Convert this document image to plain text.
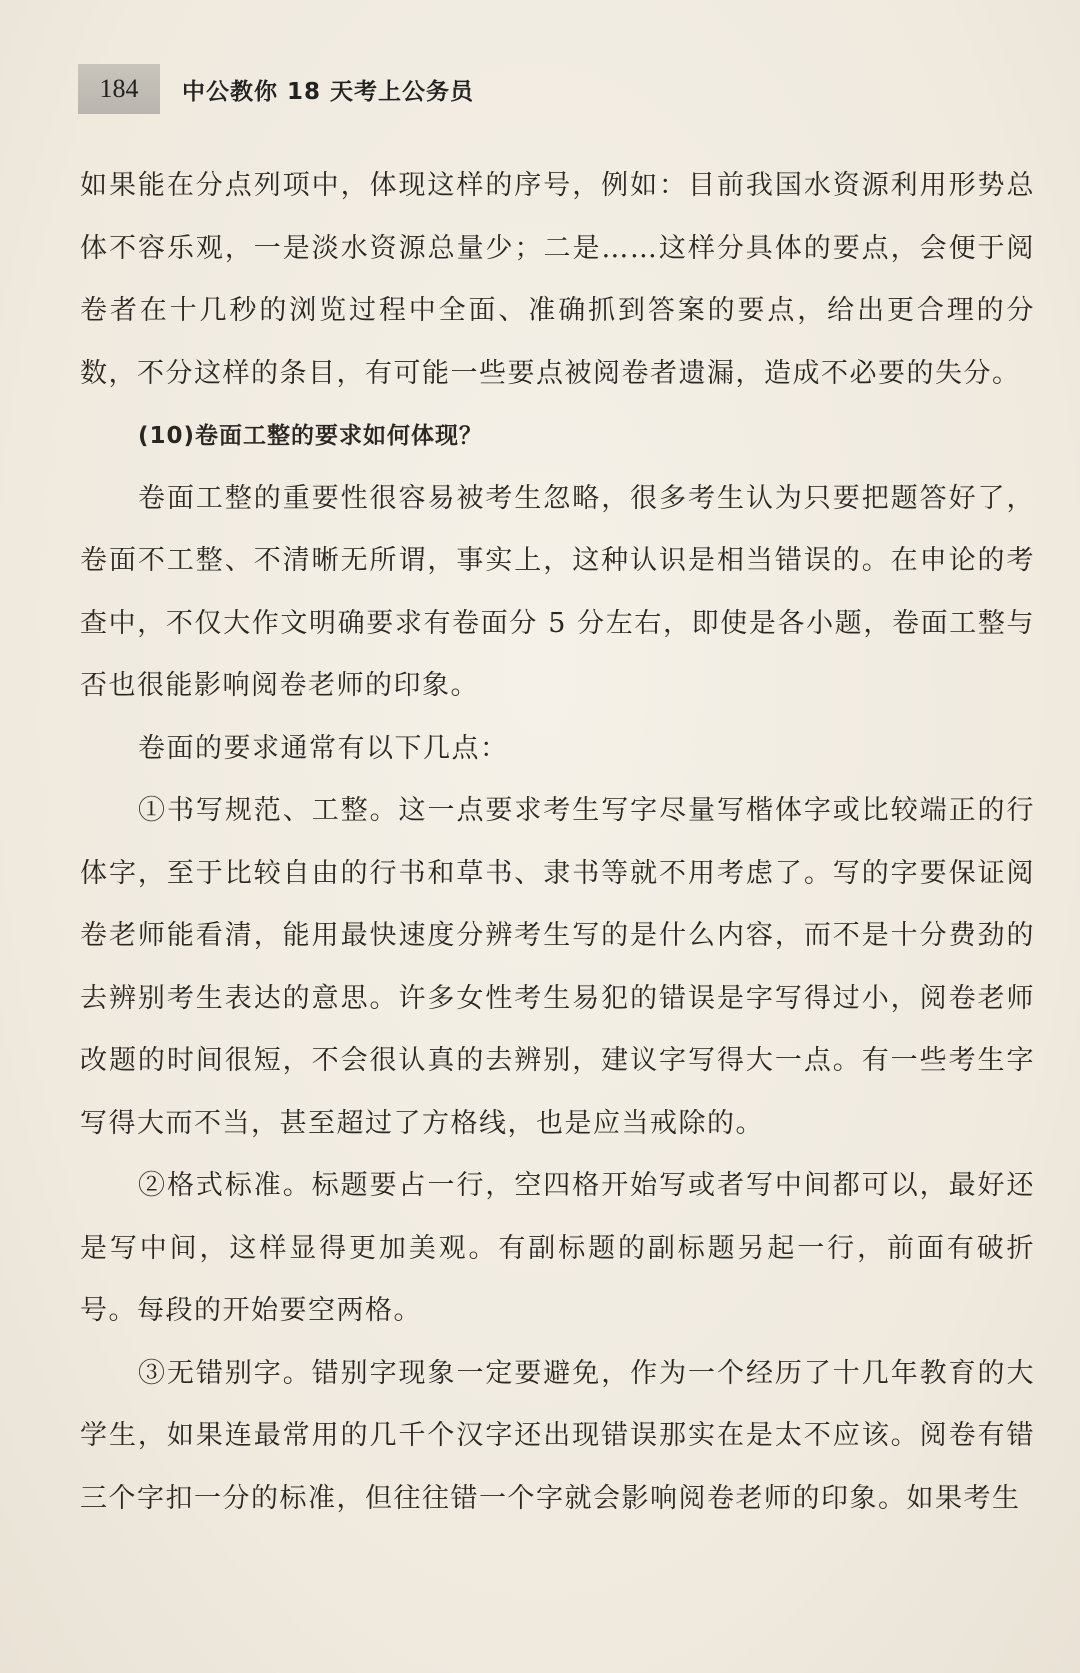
184	中公教你 18 天考上公务员

如果能在分点列项中，体现这样的序号，例如：目前我国水资源利用形势总体不容乐观，一是淡水资源总量少；二是……这样分具体的要点，会便于阅卷者在十几秒的浏览过程中全面、准确抓到答案的要点，给出更合理的分数，不分这样的条目，有可能一些要点被阅卷者遗漏，造成不必要的失分。

(10)卷面工整的要求如何体现？

卷面工整的重要性很容易被考生忽略，很多考生认为只要把题答好了，卷面不工整、不清晰无所谓，事实上，这种认识是相当错误的。在申论的考查中，不仅大作文明确要求有卷面分 5 分左右，即使是各小题，卷面工整与否也很能影响阅卷老师的印象。

卷面的要求通常有以下几点：

①书写规范、工整。这一点要求考生写字尽量写楷体字或比较端正的行体字，至于比较自由的行书和草书、隶书等就不用考虑了。写的字要保证阅卷老师能看清，能用最快速度分辨考生写的是什么内容，而不是十分费劲的去辨别考生表达的意思。许多女性考生易犯的错误是字写得过小，阅卷老师改题的时间很短，不会很认真的去辨别，建议字写得大一点。有一些考生字写得大而不当，甚至超过了方格线，也是应当戒除的。

②格式标准。标题要占一行，空四格开始写或者写中间都可以，最好还是写中间，这样显得更加美观。有副标题的副标题另起一行，前面有破折号。每段的开始要空两格。

③无错别字。错别字现象一定要避免，作为一个经历了十几年教育的大学生，如果连最常用的几千个汉字还出现错误那实在是太不应该。阅卷有错三个字扣一分的标准，但往往错一个字就会影响阅卷老师的印象。如果考生
